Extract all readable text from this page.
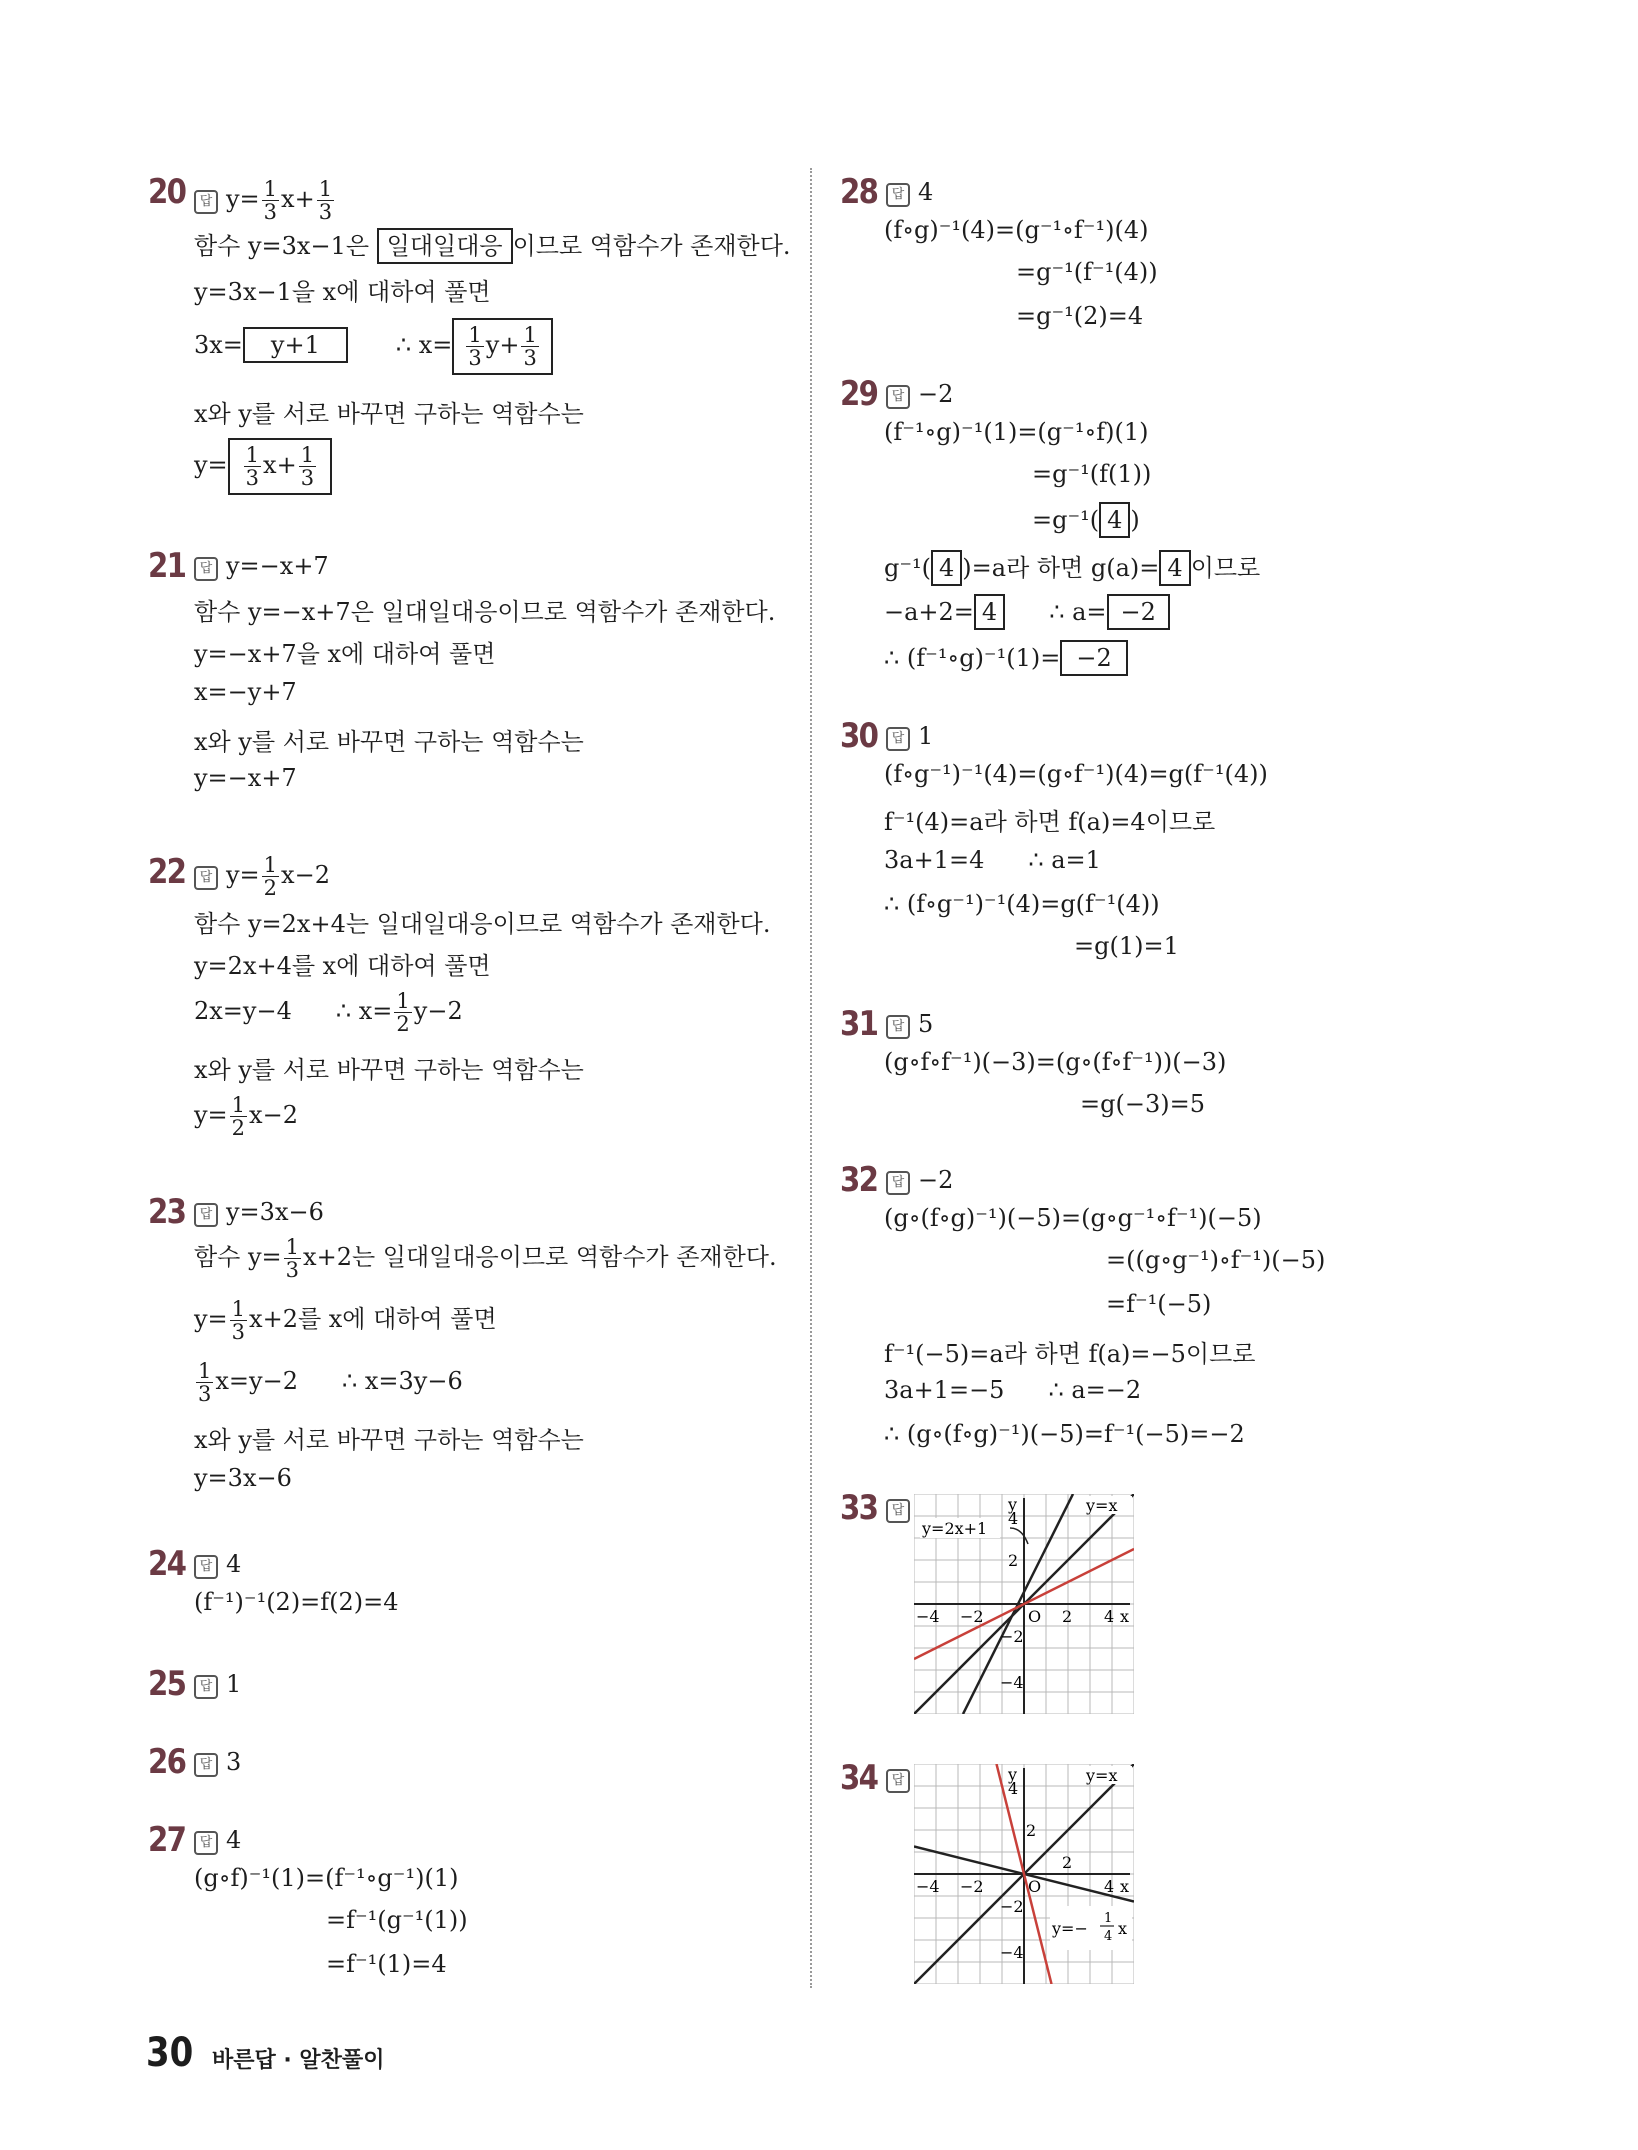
20	답 $y= \frac{1}{3} x+ \frac{1}{3}$
함수 y=3x−1은 일대일대응 이므로 역함수가 존재한다.
y=3x−1을 x에 대하여 풀면
3x= y+1	∴ $x= \frac{1}{3} y+ \frac{1}{3}$
x와 y를 서로 바꾸면 구하는 역함수는
$y= \frac{1}{3} x+ \frac{1}{3}$
21	답 y=−x+7
함수 y=−x+7은 일대일대응이므로 역함수가 존재한다.
y=−x+7을 x에 대하여 풀면
x=−y+7
x와 y를 서로 바꾸면 구하는 역함수는
y=−x+7
22	답 $y= \frac{1}{2} x-2$
함수 y=2x+4는 일대일대응이므로 역함수가 존재한다.
y=2x+4를 x에 대하여 풀면
2x=y−4 ∴ $x= \frac{1}{2} y-2$
x와 y를 서로 바꾸면 구하는 역함수는
$y= \frac{1}{2} x-2$
23	답 y=3x−6
함수 $y= \frac{1}{3} x+2$는 일대일대응이므로 역함수가 존재한다.
$y= \frac{1}{3} x+2$를 x에 대하여 풀면
$\frac{1}{3} x=y-2$ ∴ x=3y−6
x와 y를 서로 바꾸면 구하는 역함수는
y=3x−6
24	답 4
(f⁻¹)⁻¹(2)=f(2)=4
25	답 1
26	답 3
27	답 4
(g∘f)⁻¹(1)=(f⁻¹∘g⁻¹)(1)
=f⁻¹(g⁻¹(1))
=f⁻¹(1)=4
30 바른답 · 알찬풀이
28	답 4
(f∘g)⁻¹(4)=(g⁻¹∘f⁻¹)(4)
=g⁻¹(f⁻¹(4))
=g⁻¹(2)=4
29	답 −2
(f⁻¹∘g)⁻¹(1)=(g⁻¹∘f)(1)
=g⁻¹(f(1))
=g⁻¹( 4 )
g⁻¹( 4 )=a라 하면 g(a)= 4 이므로
−a+2= 4 ∴ a= −2
∴ (f⁻¹∘g)⁻¹(1)= −2
30	답 1
(f∘g⁻¹)⁻¹(4)=(g∘f⁻¹)(4)=g(f⁻¹(4))
f⁻¹(4)=a라 하면 f(a)=4이므로
3a+1=4 ∴ a=1
∴ (f∘g⁻¹)⁻¹(4)=g(f⁻¹(4))
=g(1)=1
31	답 5
(g∘f∘f⁻¹)(−3)=(g∘(f∘f⁻¹))(−3)
=g(−3)=5
32	답 −2
(g∘(f∘g)⁻¹)(−5)=(g∘g⁻¹∘f⁻¹)(−5)
=((g∘g⁻¹)∘f⁻¹)(−5)
=f⁻¹(−5)
f⁻¹(−5)=a라 하면 f(a)=−5이므로
3a+1=−5 ∴ a=−2
∴ (g∘(f∘g)⁻¹)(−5)=f⁻¹(−5)=−2
33	답
y=2x+1
y=x
y
4
2
−2
−4
O 2 4 x
−2
−4
34	답	y=x
y=−
1
4 x
y
4
2
−2
−4
O
2
4 x
−2
−4
